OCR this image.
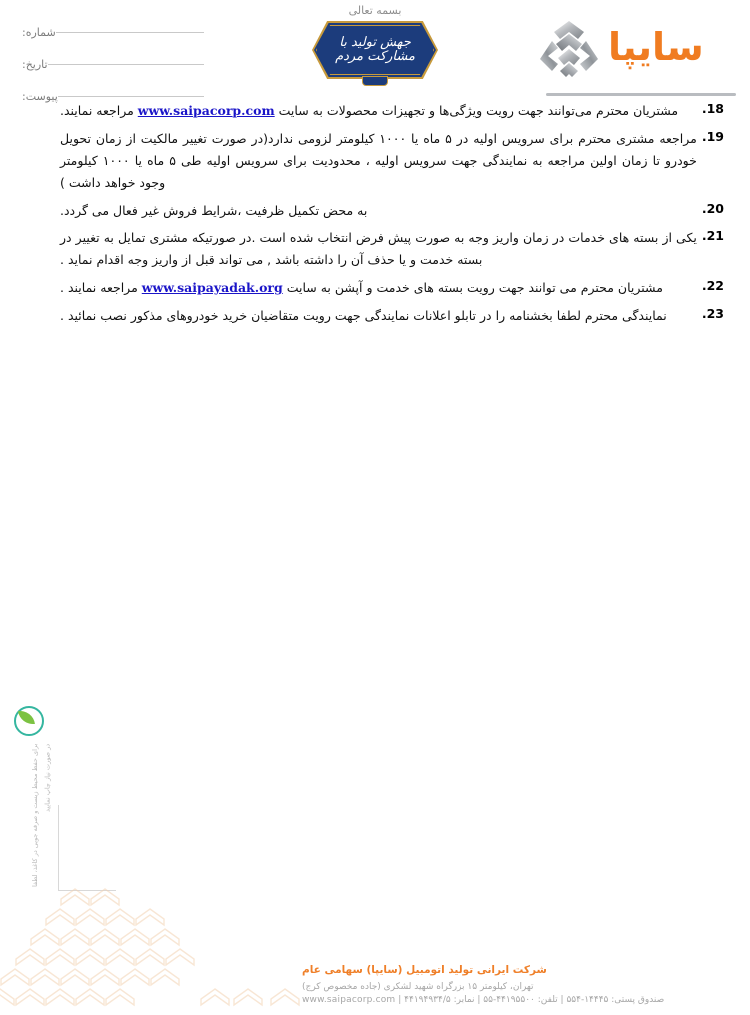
شماره:
تاریخ:
پیوست:
بسمه تعالی
جهش تولید با مشارکت مردم	سایپا
18.
مشتریان محترم می‌توانند جهت رویت ویژگی‌ها و تجهیزات محصولات به سایت www.saipacorp.com مراجعه نمایند.
19.
مراجعه مشتری محترم برای سرویس اولیه در ۵ ماه یا ۱۰۰۰ کیلومتر لزومی ندارد(در صورت تغییر مالکیت از زمان تحویل خودرو تا زمان اولین مراجعه به نمایندگی جهت سرویس اولیه ، محدودیت برای سرویس اولیه طی ۵ ماه یا ۱۰۰۰ کیلومتر وجود خواهد داشت )
20.
به محض تکمیل ظرفیت ،شرایط فروش غیر فعال می گردد.
21.
یکی از بسته های خدمات در زمان واریز وجه به صورت پیش فرض انتخاب شده است .در صورتیکه مشتری تمایل به تغییر در بسته خدمت و یا حذف آن را داشته باشد , می تواند قبل از واریز وجه اقدام نماید .
22.
مشتریان محترم می توانند جهت رویت بسته های خدمت و آپشن به سایت www.saipayadak.org مراجعه نمایند .
23.
نمایندگی محترم لطفا بخشنامه را در تابلو اعلانات نمایندگی جهت رویت متقاضیان خرید خودروهای مذکور نصب نمائید .
برای حفظ محیط زیست و صرفه جویی در کاغذ، لطفا در صورت نیاز چاپ نمایید
شرکت ایرانی تولید اتومبیل (سایپا) سهامی عام
تهران، کیلومتر ۱۵ بزرگراه شهید لشکری (جاده مخصوص کرج)
صندوق پستی: ۱۴۴۴۵-۵۵۴ | تلفن: ۴۴۱۹۵۵۰۰-۵۵ | نمابر: ۴۴۱۹۴۹۳۴/۵ | www.saipacorp.com
